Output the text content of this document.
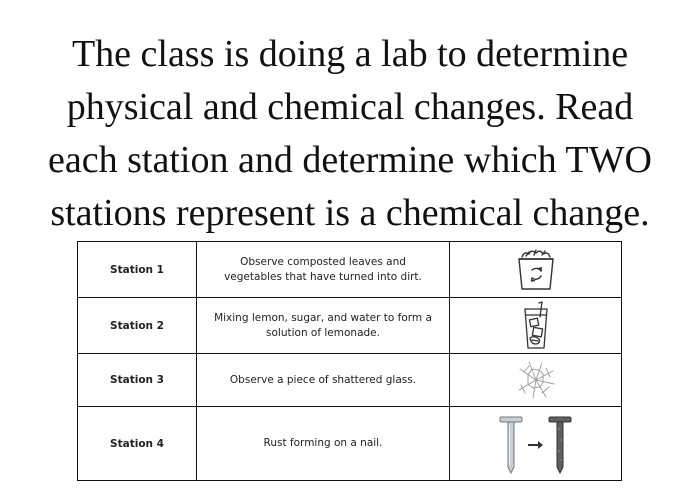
The class is doing a lab to determine
physical and chemical changes. Read
each station and determine which TWO
stations represent is a chemical change.
Station 1	Observe composted leaves and vegetables that have turned into dirt.	

Station 2	Mixing lemon, sugar, and water to form a solution of lemonade.	

Station 3	Observe a piece of shattered glass.	

Station 4	Rust forming on a nail.	
